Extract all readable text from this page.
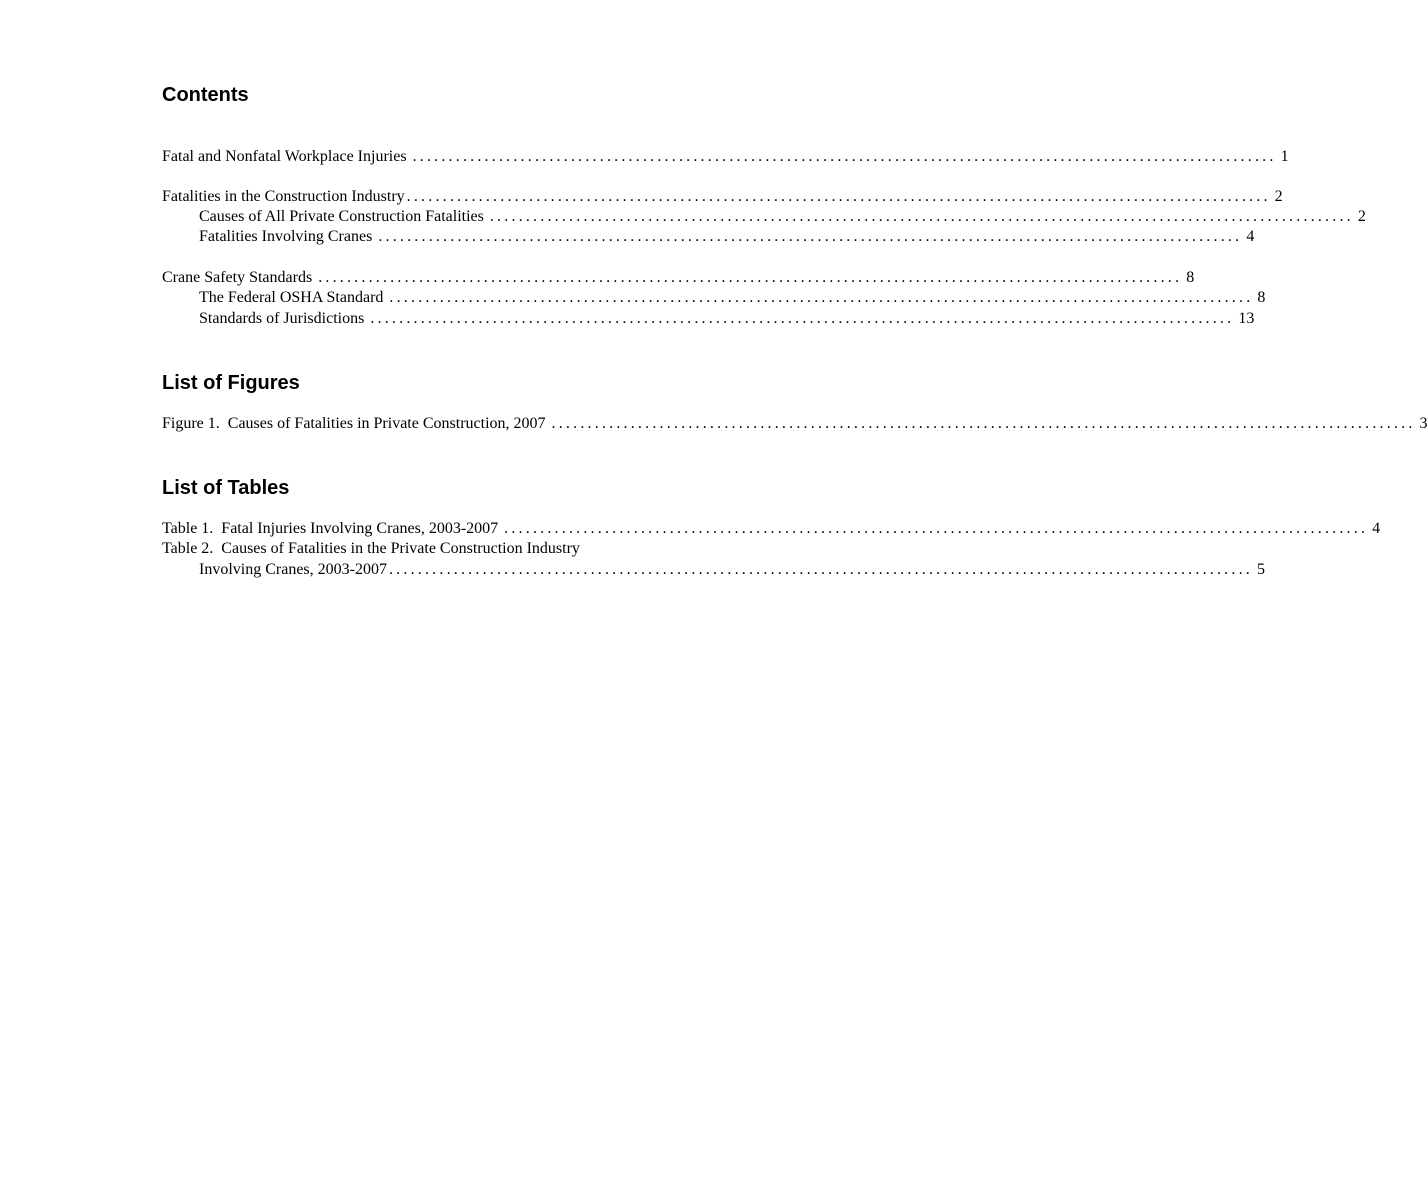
Contents
Fatal and Nonfatal Workplace Injuries ........................................................................................................................ 1
Fatalities in the Construction Industry ........................................................................................................................ 2
Causes of All Private Construction Fatalities ........................................................................................................................ 2
Fatalities Involving Cranes ........................................................................................................................ 4
Crane Safety Standards ........................................................................................................................ 8
The Federal OSHA Standard ........................................................................................................................ 8
Standards of Jurisdictions ........................................................................................................................ 13
List of Figures
Figure 1.  Causes of Fatalities in Private Construction, 2007 ........................................................................................................................ 3
List of Tables
Table 1.  Fatal Injuries Involving Cranes, 2003-2007 ........................................................................................................................ 4
Table 2.  Causes of Fatalities in the Private Construction Industry
Involving Cranes, 2003-2007 ........................................................................................................................ 5
